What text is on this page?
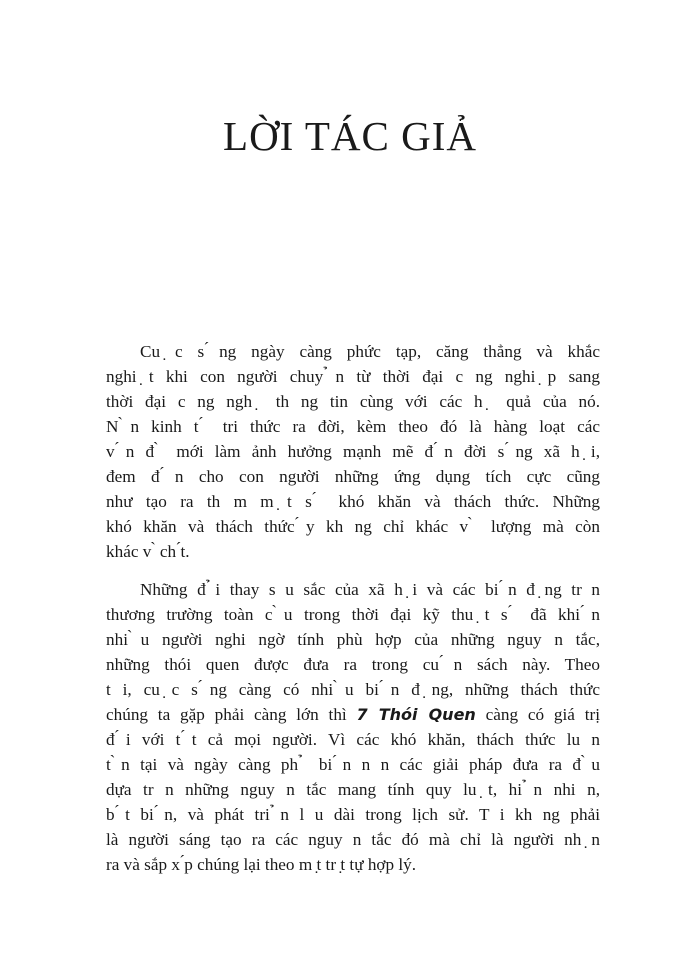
LỜI TÁC GIẢ

Cu ̣c s ́ng ngày càng phức tạp, căng thẳng và khắc
nghi ̣t khi con người chuy ̉n từ thời đại c ng nghi ̣p sang
thời đại c ng ngh ̣ th ng tin cùng với các h ̣ quả của nó.
N ̀n kinh t ́ tri thức ra đời, kèm theo đó là hàng loạt các
v ́n đ ̀ mới làm ảnh hưởng mạnh mẽ đ ́n đời s ́ng xã h ̣i,
đem đ ́n cho con người những ứng dụng tích cực cũng
như tạo ra th m m ̣t s ́ khó khăn và thách thức. Những
khó khăn và thách thức ́y kh ng chỉ khác v ̀ lượng mà còn
khác v ̀ ch ́t.

Những đ ̉i thay s u sắc của xã h ̣i và các bi ́n đ ̣ng tr n
thương trường toàn c ̀u trong thời đại kỹ thu ̣t s ́ đã khi ́n
nhi ̀u người nghi ngờ tính phù hợp của những nguy n tắc,
những thói quen được đưa ra trong cu ́n sách này. Theo
t i, cu ̣c s ́ng càng có nhi ̀u bi ́n đ ̣ng, những thách thức
chúng ta gặp phải càng lớn thì 7 Thói Quen càng có giá trị
đ ́i với t ́t cả mọi người. Vì các khó khăn, thách thức lu n
t ̀n tại và ngày càng ph ̉ bi ́n n n các giải pháp đưa ra đ ̀u
dựa tr n những nguy n tắc mang tính quy lu ̣t, hi ̉n nhi n,
b ́t bi ́n, và phát tri ̉n l u dài trong lịch sử. T i kh ng phải
là người sáng tạo ra các nguy n tắc đó mà chỉ là người nh ̣n
ra và sắp x ́p chúng lại theo m ̣t tr ̣t tự hợp lý.
